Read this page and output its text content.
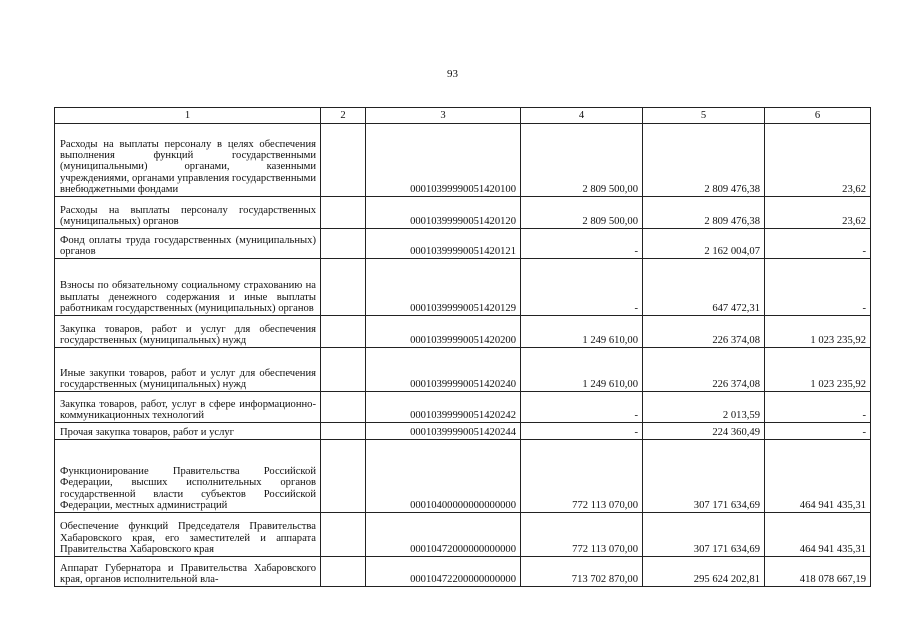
93
1	2	3	4	5	6
Расходы на выплаты персоналу в целях обеспечения выполнения функций государственными (муниципальными) органами, казенными учреждениями, органами управления государственными внебюджетными фондами		00010399990051420100	2 809 500,00	2 809 476,38	23,62
Расходы на выплаты персоналу государственных (муниципальных) органов		00010399990051420120	2 809 500,00	2 809 476,38	23,62
Фонд оплаты труда государственных (муниципальных) органов		00010399990051420121	-	2 162 004,07	-
Взносы по обязательному социальному страхованию на выплаты денежного содержания и иные выплаты работникам государственных (муниципальных) органов		00010399990051420129	-	647 472,31	-
Закупка товаров, работ и услуг для обеспечения государственных (муниципальных) нужд		00010399990051420200	1 249 610,00	226 374,08	1 023 235,92
Иные закупки товаров, работ и услуг для обеспечения государственных (муниципальных) нужд		00010399990051420240	1 249 610,00	226 374,08	1 023 235,92
Закупка товаров, работ, услуг в сфере информационно-коммуникационных технологий		00010399990051420242	-	2 013,59	-
Прочая закупка товаров, работ и услуг		00010399990051420244	-	224 360,49	-
Функционирование Правительства Российской Федерации, высших исполнительных органов государственной власти субъектов Российской Федерации, местных администраций		00010400000000000000	772 113 070,00	307 171 634,69	464 941 435,31
Обеспечение функций Председателя Правительства Хабаровского края, его заместителей и аппарата Правительства Хабаровского края		00010472000000000000	772 113 070,00	307 171 634,69	464 941 435,31
Аппарат Губернатора и Правительства Хабаровского края, органов исполнительной вла-		00010472200000000000	713 702 870,00	295 624 202,81	418 078 667,19
